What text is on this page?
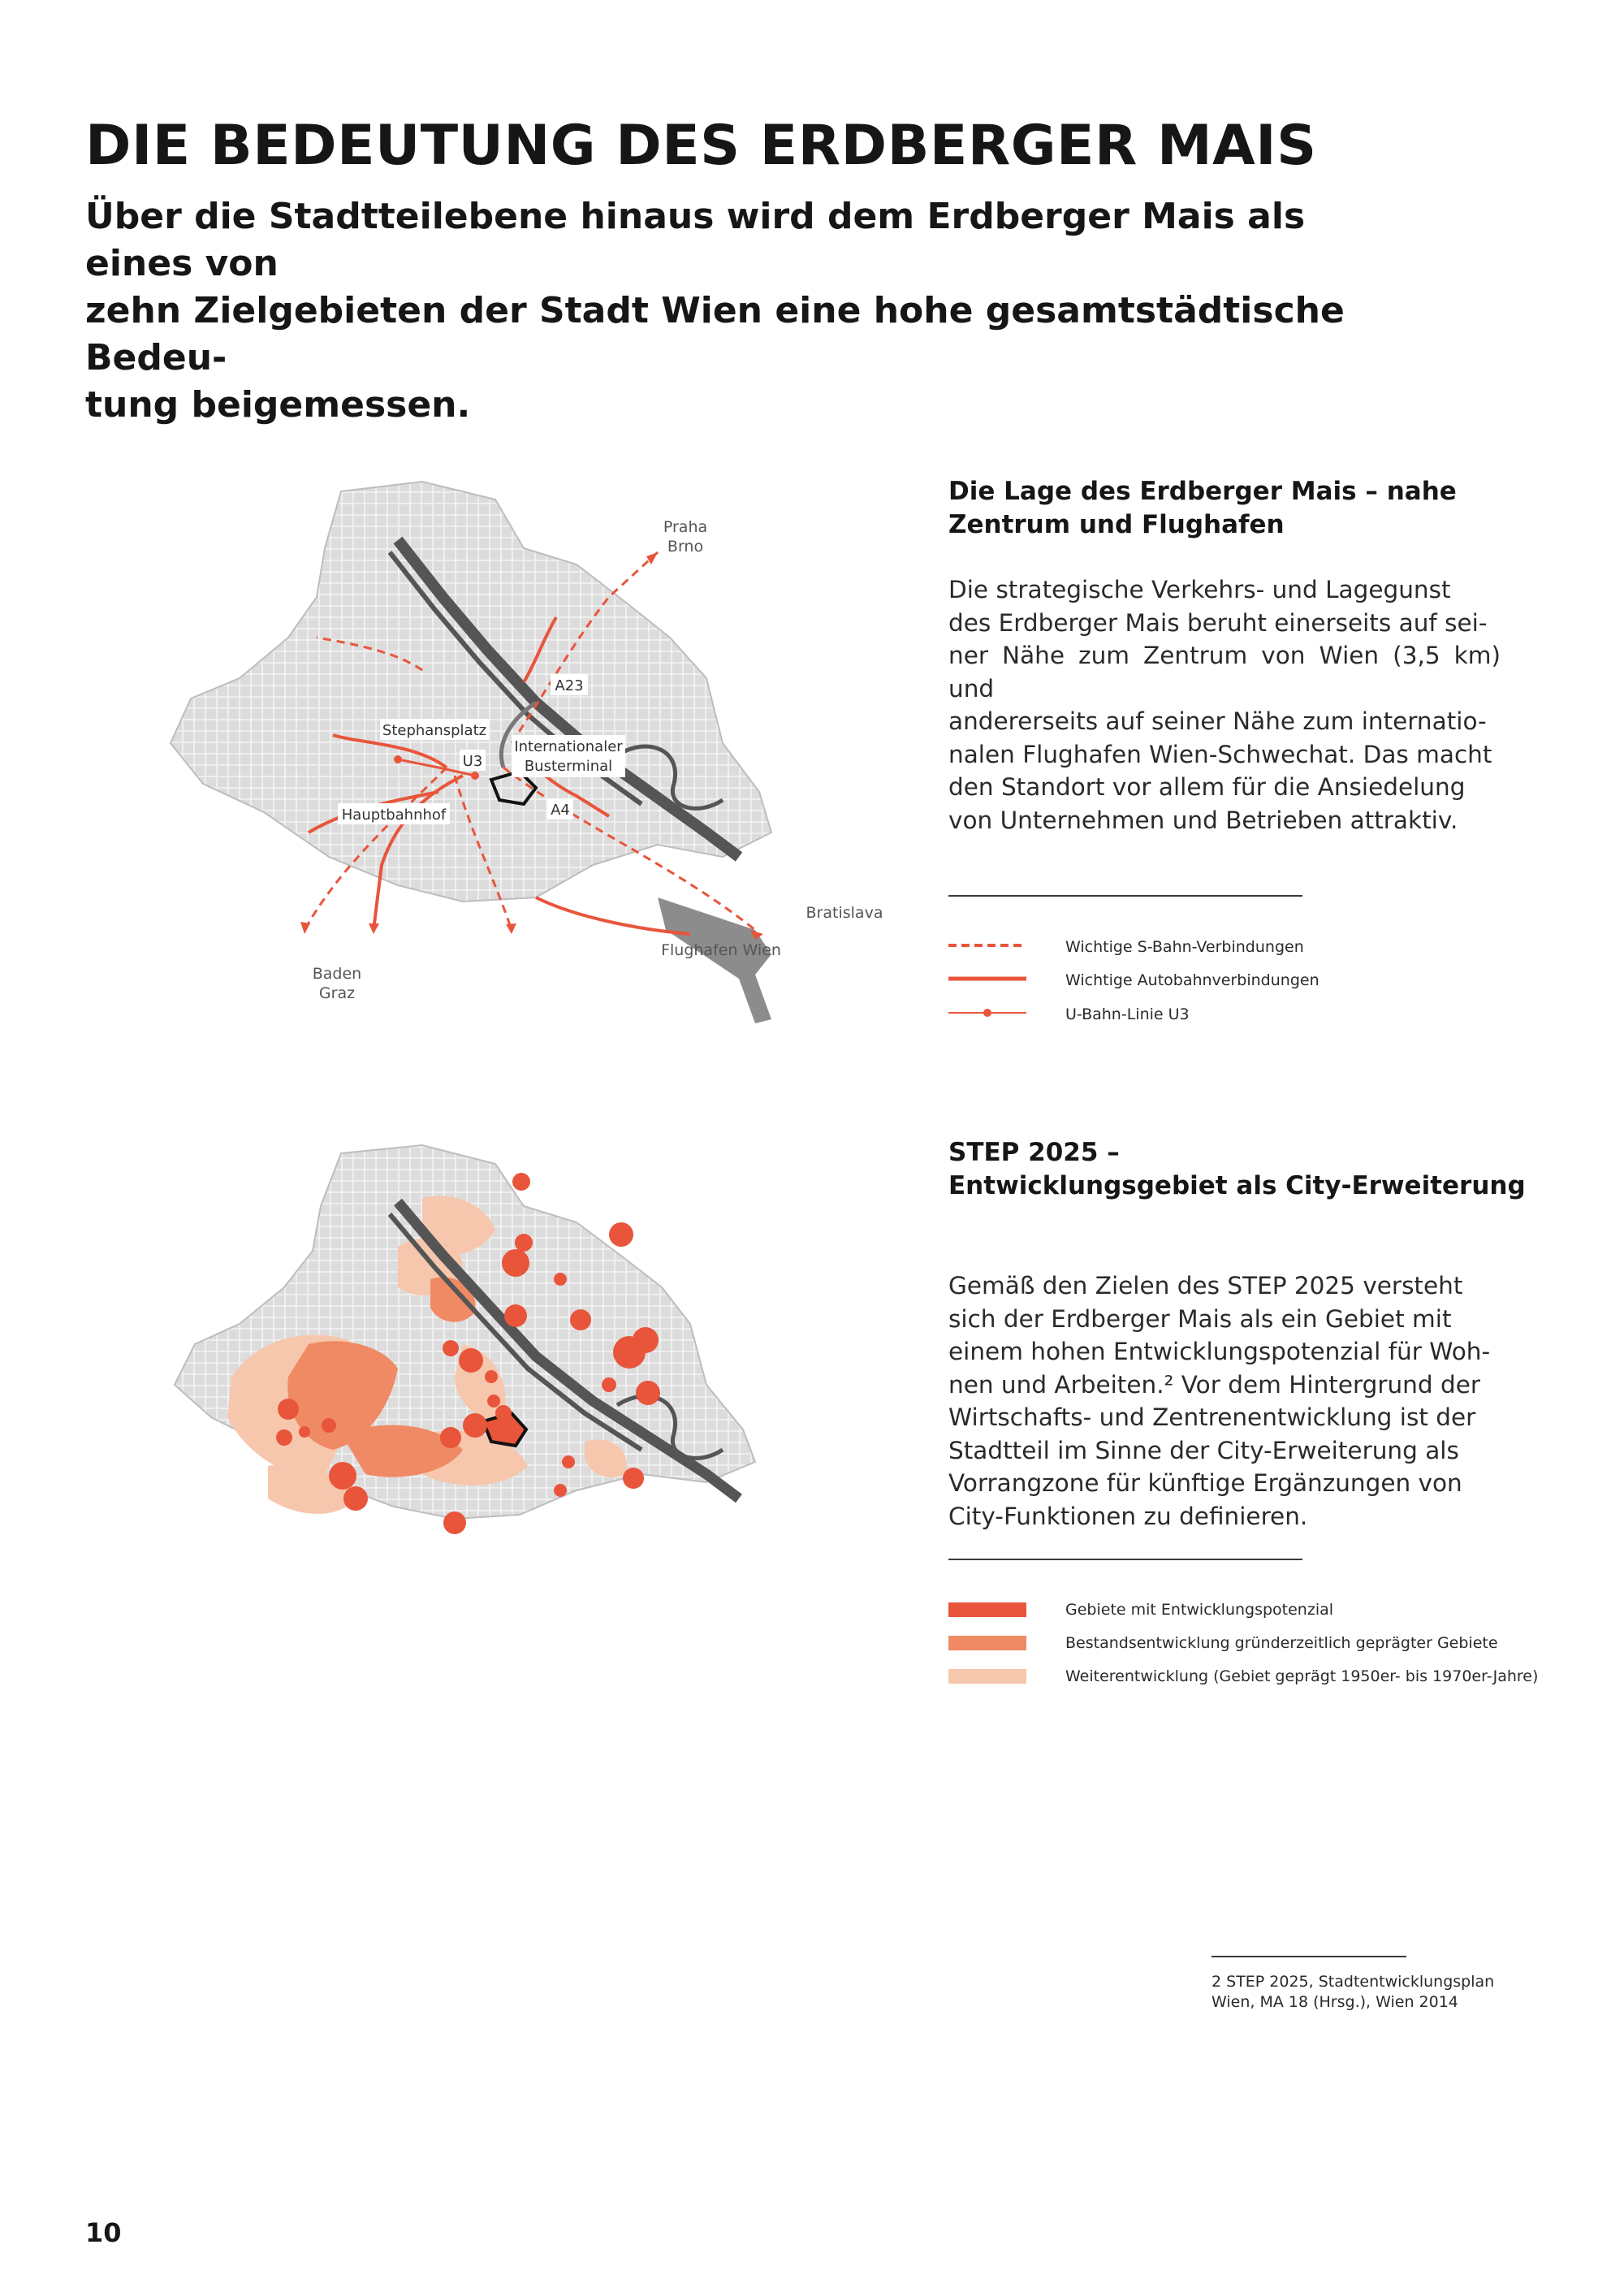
DIE BEDEUTUNG DES ERDBERGER MAIS
Über die Stadtteilebene hinaus wird dem Erdberger Mais als eines von
zehn Zielgebieten der Stadt Wien eine hohe gesamtstädtische Bedeu-
tung beigemessen.
Praha
Brno
Bratislava
Flughafen Wien
Baden
Graz
A23
Stephansplatz
U3
Internationaler
Busterminal
A4
Hauptbahnhof
Die Lage des Erdberger Mais – nahe
Zentrum und Flughafen
Die strategische Verkehrs- und Lagegunst
des Erdberger Mais beruht einerseits auf sei-
ner Nähe zum Zentrum von Wien (3,5 km) und
andererseits auf seiner Nähe zum internatio-
nalen Flughafen Wien-Schwechat. Das macht
den Standort vor allem für die Ansiedelung
von Unternehmen und Betrieben attraktiv.
Wichtige S-Bahn-Verbindungen
Wichtige Autobahnverbindungen
U-Bahn-Linie U3
STEP 2025 –
Entwicklungsgebiet als City-Erweiterung
Gemäß den Zielen des STEP 2025 versteht
sich der Erdberger Mais als ein Gebiet mit
einem hohen Entwicklungspotenzial für Woh-
nen und Arbeiten.² Vor dem Hintergrund der
Wirtschafts- und Zentrenentwicklung ist der
Stadtteil im Sinne der City-Erweiterung als
Vorrangzone für künftige Ergänzungen von
City-Funktionen zu definieren.
Gebiete mit Entwicklungspotenzial
Bestandsentwicklung gründerzeitlich geprägter Gebiete
Weiterentwicklung (Gebiet geprägt 1950er- bis 1970er-Jahre)
2 STEP 2025, Stadtentwicklungsplan
Wien, MA 18 (Hrsg.), Wien 2014
10
